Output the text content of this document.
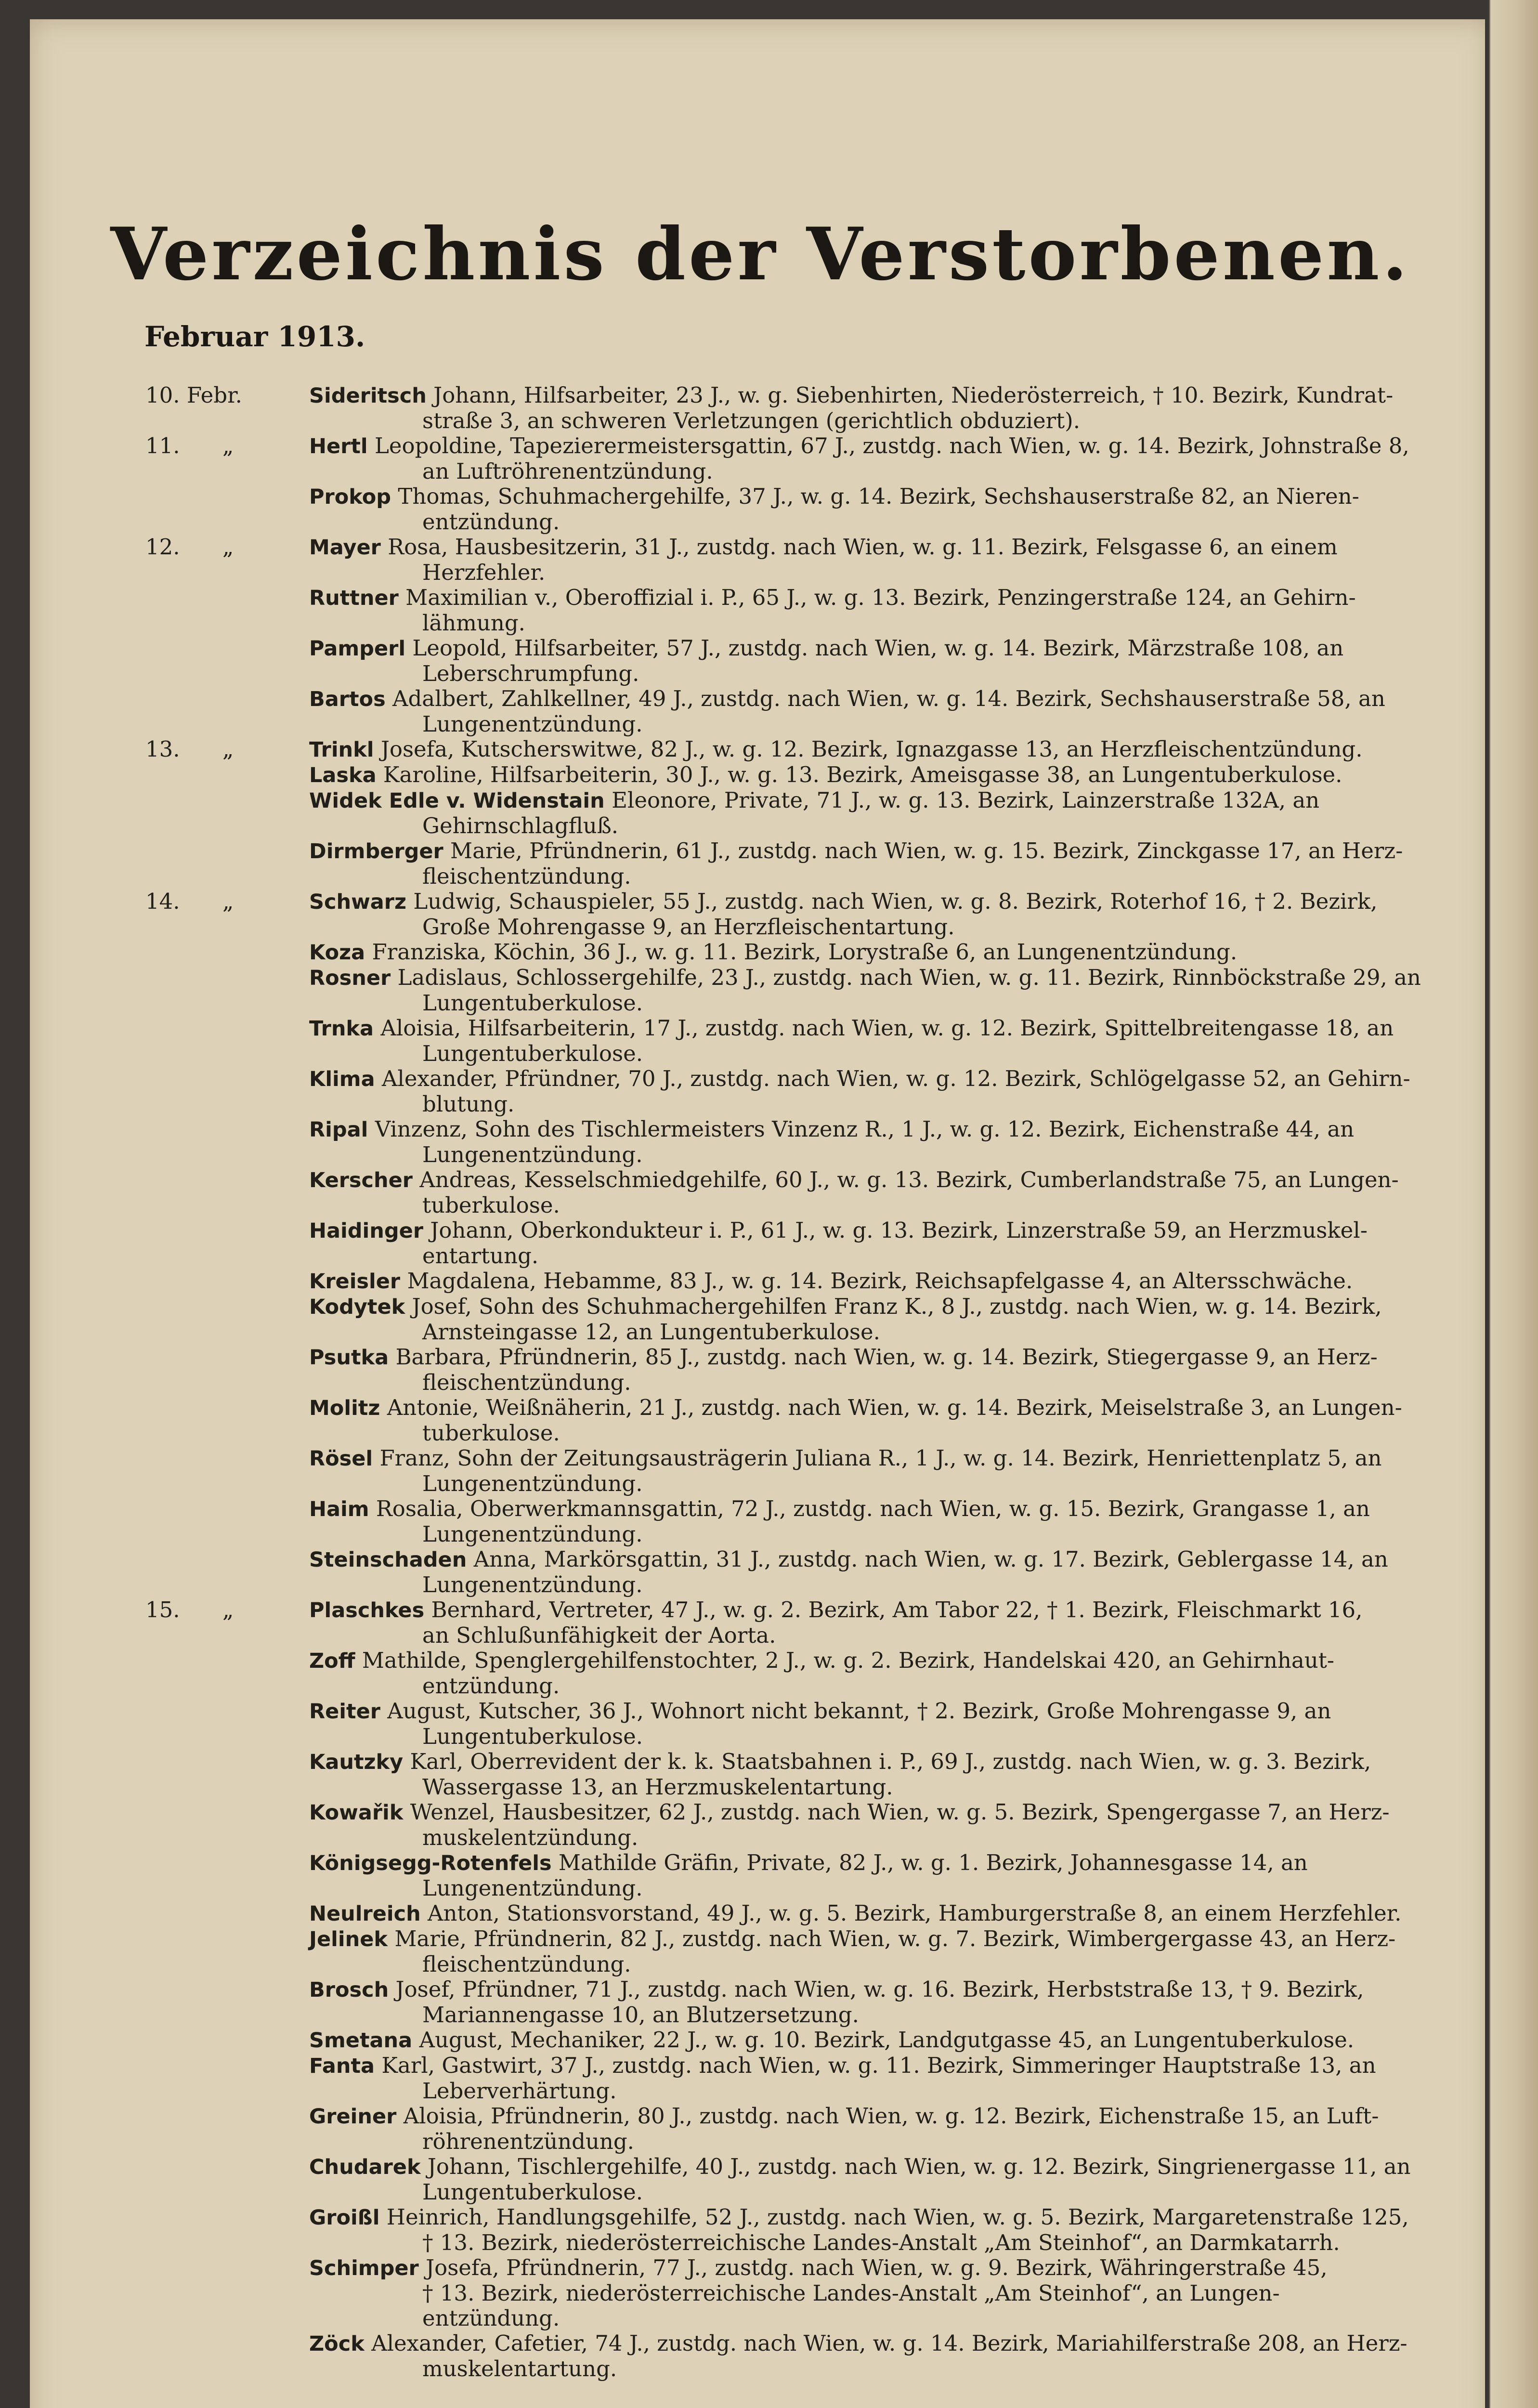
Verzeichnis der Verstorbenen.
Februar 1913.
10. Febr.	Sideritsch Johann, Hilfsarbeiter, 23 J., w. g. Siebenhirten, Niederösterreich, † 10. Bezirk, Kundrat-
straße 3, an schweren Verletzungen (gerichtlich obduziert).
11. „	Hertl Leopoldine, Tapezierermeistersgattin, 67 J., zustdg. nach Wien, w. g. 14. Bezirk, Johnstraße 8,
an Luftröhrenentzündung.
Prokop Thomas, Schuhmachergehilfe, 37 J., w. g. 14. Bezirk, Sechshauserstraße 82, an Nieren-
entzündung.
12. „	Mayer Rosa, Hausbesitzerin, 31 J., zustdg. nach Wien, w. g. 11. Bezirk, Felsgasse 6, an einem
Herzfehler.
Ruttner Maximilian v., Oberoffizial i. P., 65 J., w. g. 13. Bezirk, Penzingerstraße 124, an Gehirn-
lähmung.
Pamperl Leopold, Hilfsarbeiter, 57 J., zustdg. nach Wien, w. g. 14. Bezirk, Märzstraße 108, an
Leberschrumpfung.
Bartos Adalbert, Zahlkellner, 49 J., zustdg. nach Wien, w. g. 14. Bezirk, Sechshauserstraße 58, an
Lungenentzündung.
13. „	Trinkl Josefa, Kutscherswitwe, 82 J., w. g. 12. Bezirk, Ignazgasse 13, an Herzfleischentzündung.
Laska Karoline, Hilfsarbeiterin, 30 J., w. g. 13. Bezirk, Ameisgasse 38, an Lungentuberkulose.
Widek Edle v. Widenstain Eleonore, Private, 71 J., w. g. 13. Bezirk, Lainzerstraße 132A, an
Gehirnschlagfluß.
Dirmberger Marie, Pfründnerin, 61 J., zustdg. nach Wien, w. g. 15. Bezirk, Zinckgasse 17, an Herz-
fleischentzündung.
14. „	Schwarz Ludwig, Schauspieler, 55 J., zustdg. nach Wien, w. g. 8. Bezirk, Roterhof 16, † 2. Bezirk,
Große Mohrengasse 9, an Herzfleischentartung.
Koza Franziska, Köchin, 36 J., w. g. 11. Bezirk, Lorystraße 6, an Lungenentzündung.
Rosner Ladislaus, Schlossergehilfe, 23 J., zustdg. nach Wien, w. g. 11. Bezirk, Rinnböckstraße 29, an
Lungentuberkulose.
Trnka Aloisia, Hilfsarbeiterin, 17 J., zustdg. nach Wien, w. g. 12. Bezirk, Spittelbreitengasse 18, an
Lungentuberkulose.
Klima Alexander, Pfründner, 70 J., zustdg. nach Wien, w. g. 12. Bezirk, Schlögelgasse 52, an Gehirn-
blutung.
Ripal Vinzenz, Sohn des Tischlermeisters Vinzenz R., 1 J., w. g. 12. Bezirk, Eichenstraße 44, an
Lungenentzündung.
Kerscher Andreas, Kesselschmiedgehilfe, 60 J., w. g. 13. Bezirk, Cumberlandstraße 75, an Lungen-
tuberkulose.
Haidinger Johann, Oberkondukteur i. P., 61 J., w. g. 13. Bezirk, Linzerstraße 59, an Herzmuskel-
entartung.
Kreisler Magdalena, Hebamme, 83 J., w. g. 14. Bezirk, Reichsapfelgasse 4, an Altersschwäche.
Kodytek Josef, Sohn des Schuhmachergehilfen Franz K., 8 J., zustdg. nach Wien, w. g. 14. Bezirk,
Arnsteingasse 12, an Lungentuberkulose.
Psutka Barbara, Pfründnerin, 85 J., zustdg. nach Wien, w. g. 14. Bezirk, Stiegergasse 9, an Herz-
fleischentzündung.
Molitz Antonie, Weißnäherin, 21 J., zustdg. nach Wien, w. g. 14. Bezirk, Meiselstraße 3, an Lungen-
tuberkulose.
Rösel Franz, Sohn der Zeitungsausträgerin Juliana R., 1 J., w. g. 14. Bezirk, Henriettenplatz 5, an
Lungenentzündung.
Haim Rosalia, Oberwerkmannsgattin, 72 J., zustdg. nach Wien, w. g. 15. Bezirk, Grangasse 1, an
Lungenentzündung.
Steinschaden Anna, Markörsgattin, 31 J., zustdg. nach Wien, w. g. 17. Bezirk, Geblergasse 14, an
Lungenentzündung.
15. „	Plaschkes Bernhard, Vertreter, 47 J., w. g. 2. Bezirk, Am Tabor 22, † 1. Bezirk, Fleischmarkt 16,
an Schlußunfähigkeit der Aorta.
Zoff Mathilde, Spenglergehilfenstochter, 2 J., w. g. 2. Bezirk, Handelskai 420, an Gehirnhaut-
entzündung.
Reiter August, Kutscher, 36 J., Wohnort nicht bekannt, † 2. Bezirk, Große Mohrengasse 9, an
Lungentuberkulose.
Kautzky Karl, Oberrevident der k. k. Staatsbahnen i. P., 69 J., zustdg. nach Wien, w. g. 3. Bezirk,
Wassergasse 13, an Herzmuskelentartung.
Kowařik Wenzel, Hausbesitzer, 62 J., zustdg. nach Wien, w. g. 5. Bezirk, Spengergasse 7, an Herz-
muskelentzündung.
Königsegg-Rotenfels Mathilde Gräfin, Private, 82 J., w. g. 1. Bezirk, Johannesgasse 14, an
Lungenentzündung.
Neulreich Anton, Stationsvorstand, 49 J., w. g. 5. Bezirk, Hamburgerstraße 8, an einem Herzfehler.
Jelinek Marie, Pfründnerin, 82 J., zustdg. nach Wien, w. g. 7. Bezirk, Wimbergergasse 43, an Herz-
fleischentzündung.
Brosch Josef, Pfründner, 71 J., zustdg. nach Wien, w. g. 16. Bezirk, Herbststraße 13, † 9. Bezirk,
Mariannengasse 10, an Blutzersetzung.
Smetana August, Mechaniker, 22 J., w. g. 10. Bezirk, Landgutgasse 45, an Lungentuberkulose.
Fanta Karl, Gastwirt, 37 J., zustdg. nach Wien, w. g. 11. Bezirk, Simmeringer Hauptstraße 13, an
Leberverhärtung.
Greiner Aloisia, Pfründnerin, 80 J., zustdg. nach Wien, w. g. 12. Bezirk, Eichenstraße 15, an Luft-
röhrenentzündung.
Chudarek Johann, Tischlergehilfe, 40 J., zustdg. nach Wien, w. g. 12. Bezirk, Singrienergasse 11, an
Lungentuberkulose.
Groißl Heinrich, Handlungsgehilfe, 52 J., zustdg. nach Wien, w. g. 5. Bezirk, Margaretenstraße 125,
† 13. Bezirk, niederösterreichische Landes-Anstalt „Am Steinhof“, an Darmkatarrh.
Schimper Josefa, Pfründnerin, 77 J., zustdg. nach Wien, w. g. 9. Bezirk, Währingerstraße 45,
† 13. Bezirk, niederösterreichische Landes-Anstalt „Am Steinhof“, an Lungen-
entzündung.
Zöck Alexander, Cafetier, 74 J., zustdg. nach Wien, w. g. 14. Bezirk, Mariahilferstraße 208, an Herz-
muskelentartung.
